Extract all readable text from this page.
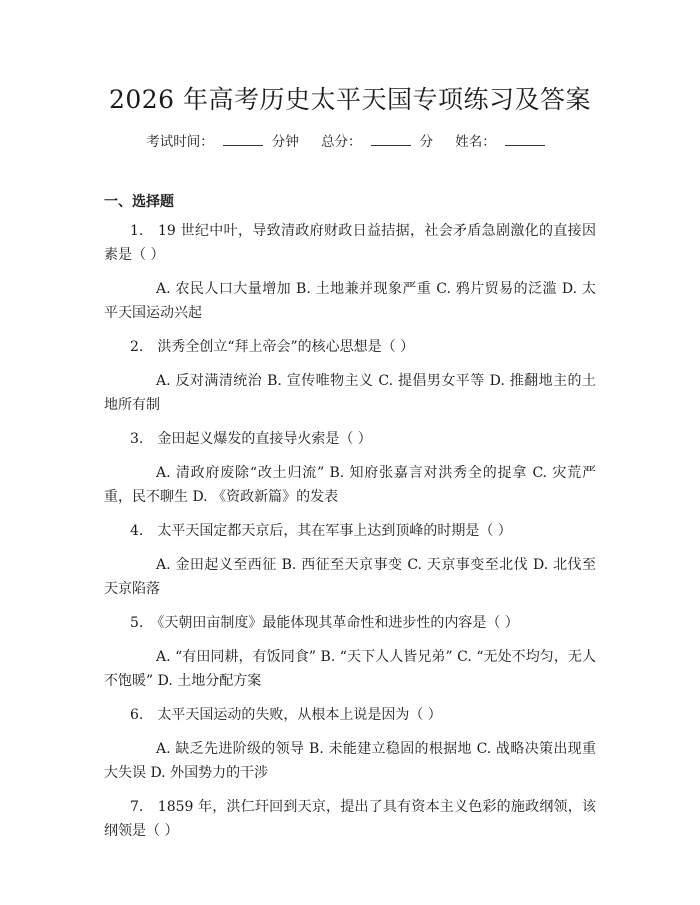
2026 年高考历史太平天国专项练习及答案
考试时间：	分钟 总分：	分 姓名：
一、选择题

1.　19 世纪中叶，导致清政府财政日益拮据，社会矛盾急剧激化的直接因素是（ ）

A. 农民人口大量增加 B. 土地兼并现象严重 C. 鸦片贸易的泛滥 D. 太平天国运动兴起

2.　洪秀全创立“拜上帝会”的核心思想是（ ）

A. 反对满清统治 B. 宣传唯物主义 C. 提倡男女平等 D. 推翻地主的土地所有制

3.　金田起义爆发的直接导火索是（ ）

A. 清政府废除“改土归流” B. 知府张嘉言对洪秀全的捉拿 C. 灾荒严重，民不聊生 D. 《资政新篇》的发表

4.　太平天国定都天京后，其在军事上达到顶峰的时期是（ ）

A. 金田起义至西征 B. 西征至天京事变 C. 天京事变至北伐 D. 北伐至天京陷落

5.　《天朝田亩制度》最能体现其革命性和进步性的内容是（ ）

A. “有田同耕，有饭同食” B. “天下人人皆兄弟” C. “无处不均匀，无人不饱暖” D. 土地分配方案

6.　太平天国运动的失败，从根本上说是因为（ ）

A. 缺乏先进阶级的领导 B. 未能建立稳固的根据地 C. 战略决策出现重大失误 D. 外国势力的干涉

7.　1859 年，洪仁玕回到天京，提出了具有资本主义色彩的施政纲领，该纲领是（ ）
